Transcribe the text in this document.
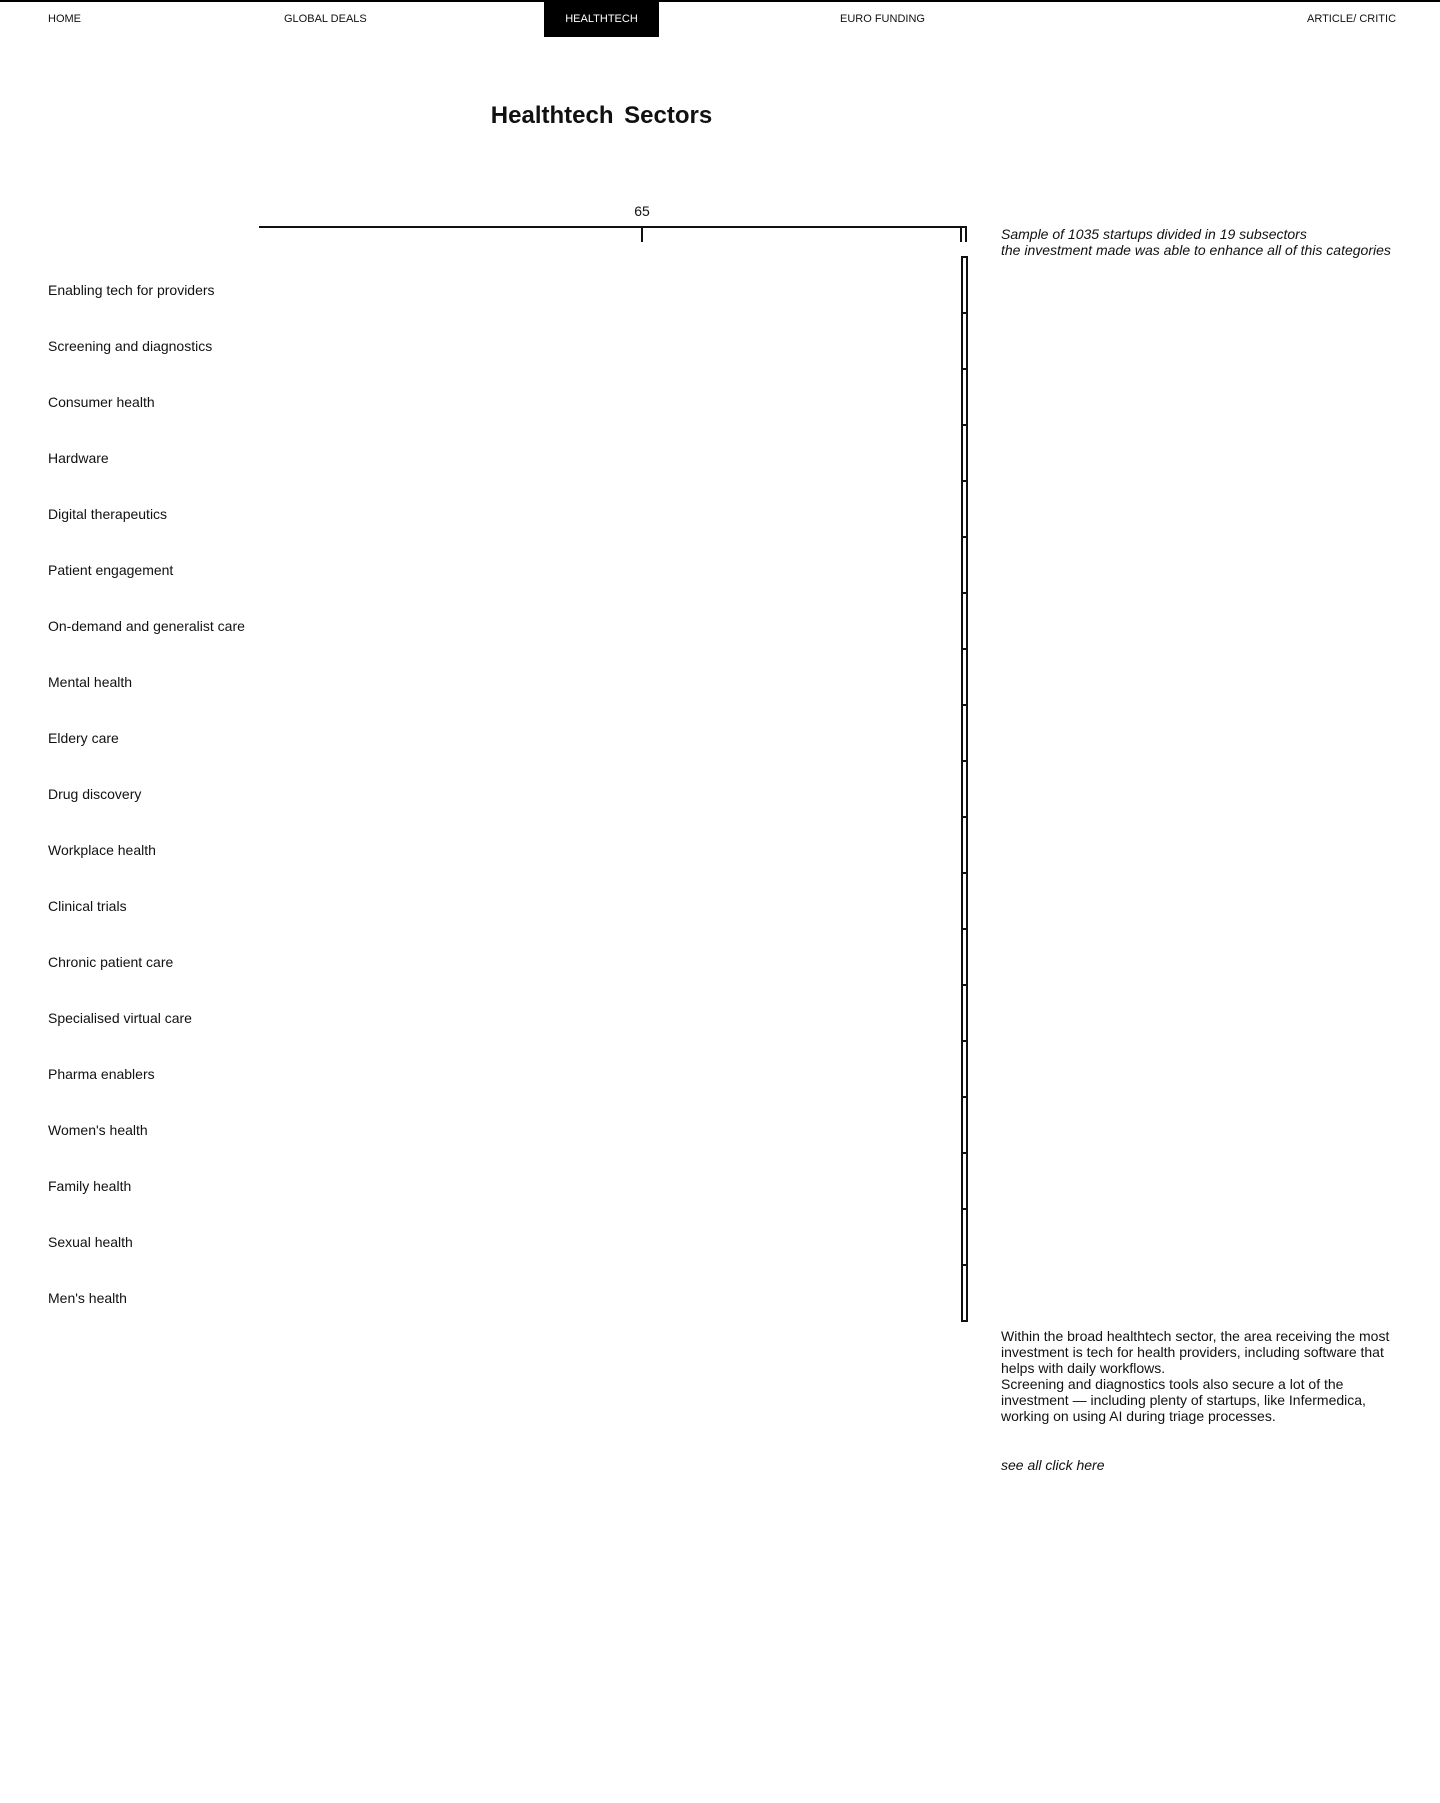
HOME	GLOBAL DEALS	HEALTHTECH	EURO FUNDING	ARTICLE/ CRITIC
Healthtech Sectors
65
Enabling tech for providers
Screening and diagnostics
Consumer health
Hardware
Digital therapeutics
Patient engagement
On-demand and generalist care
Mental health
Eldery care
Drug discovery
Workplace health
Clinical trials
Chronic patient care
Specialised virtual care
Pharma enablers
Women's health
Family health
Sexual health
Men's health
Sample of 1035 startups divided in 19 subsectors
the investment made was able to enhance all of this categories

Within the broad healthtech sector, the area receiving the most investment is tech for health providers, including software that helps with daily workflows.

Screening and diagnostics tools also secure a lot of the investment — including plenty of startups, like Infermedica, working on using AI during triage processes.

see all click here
